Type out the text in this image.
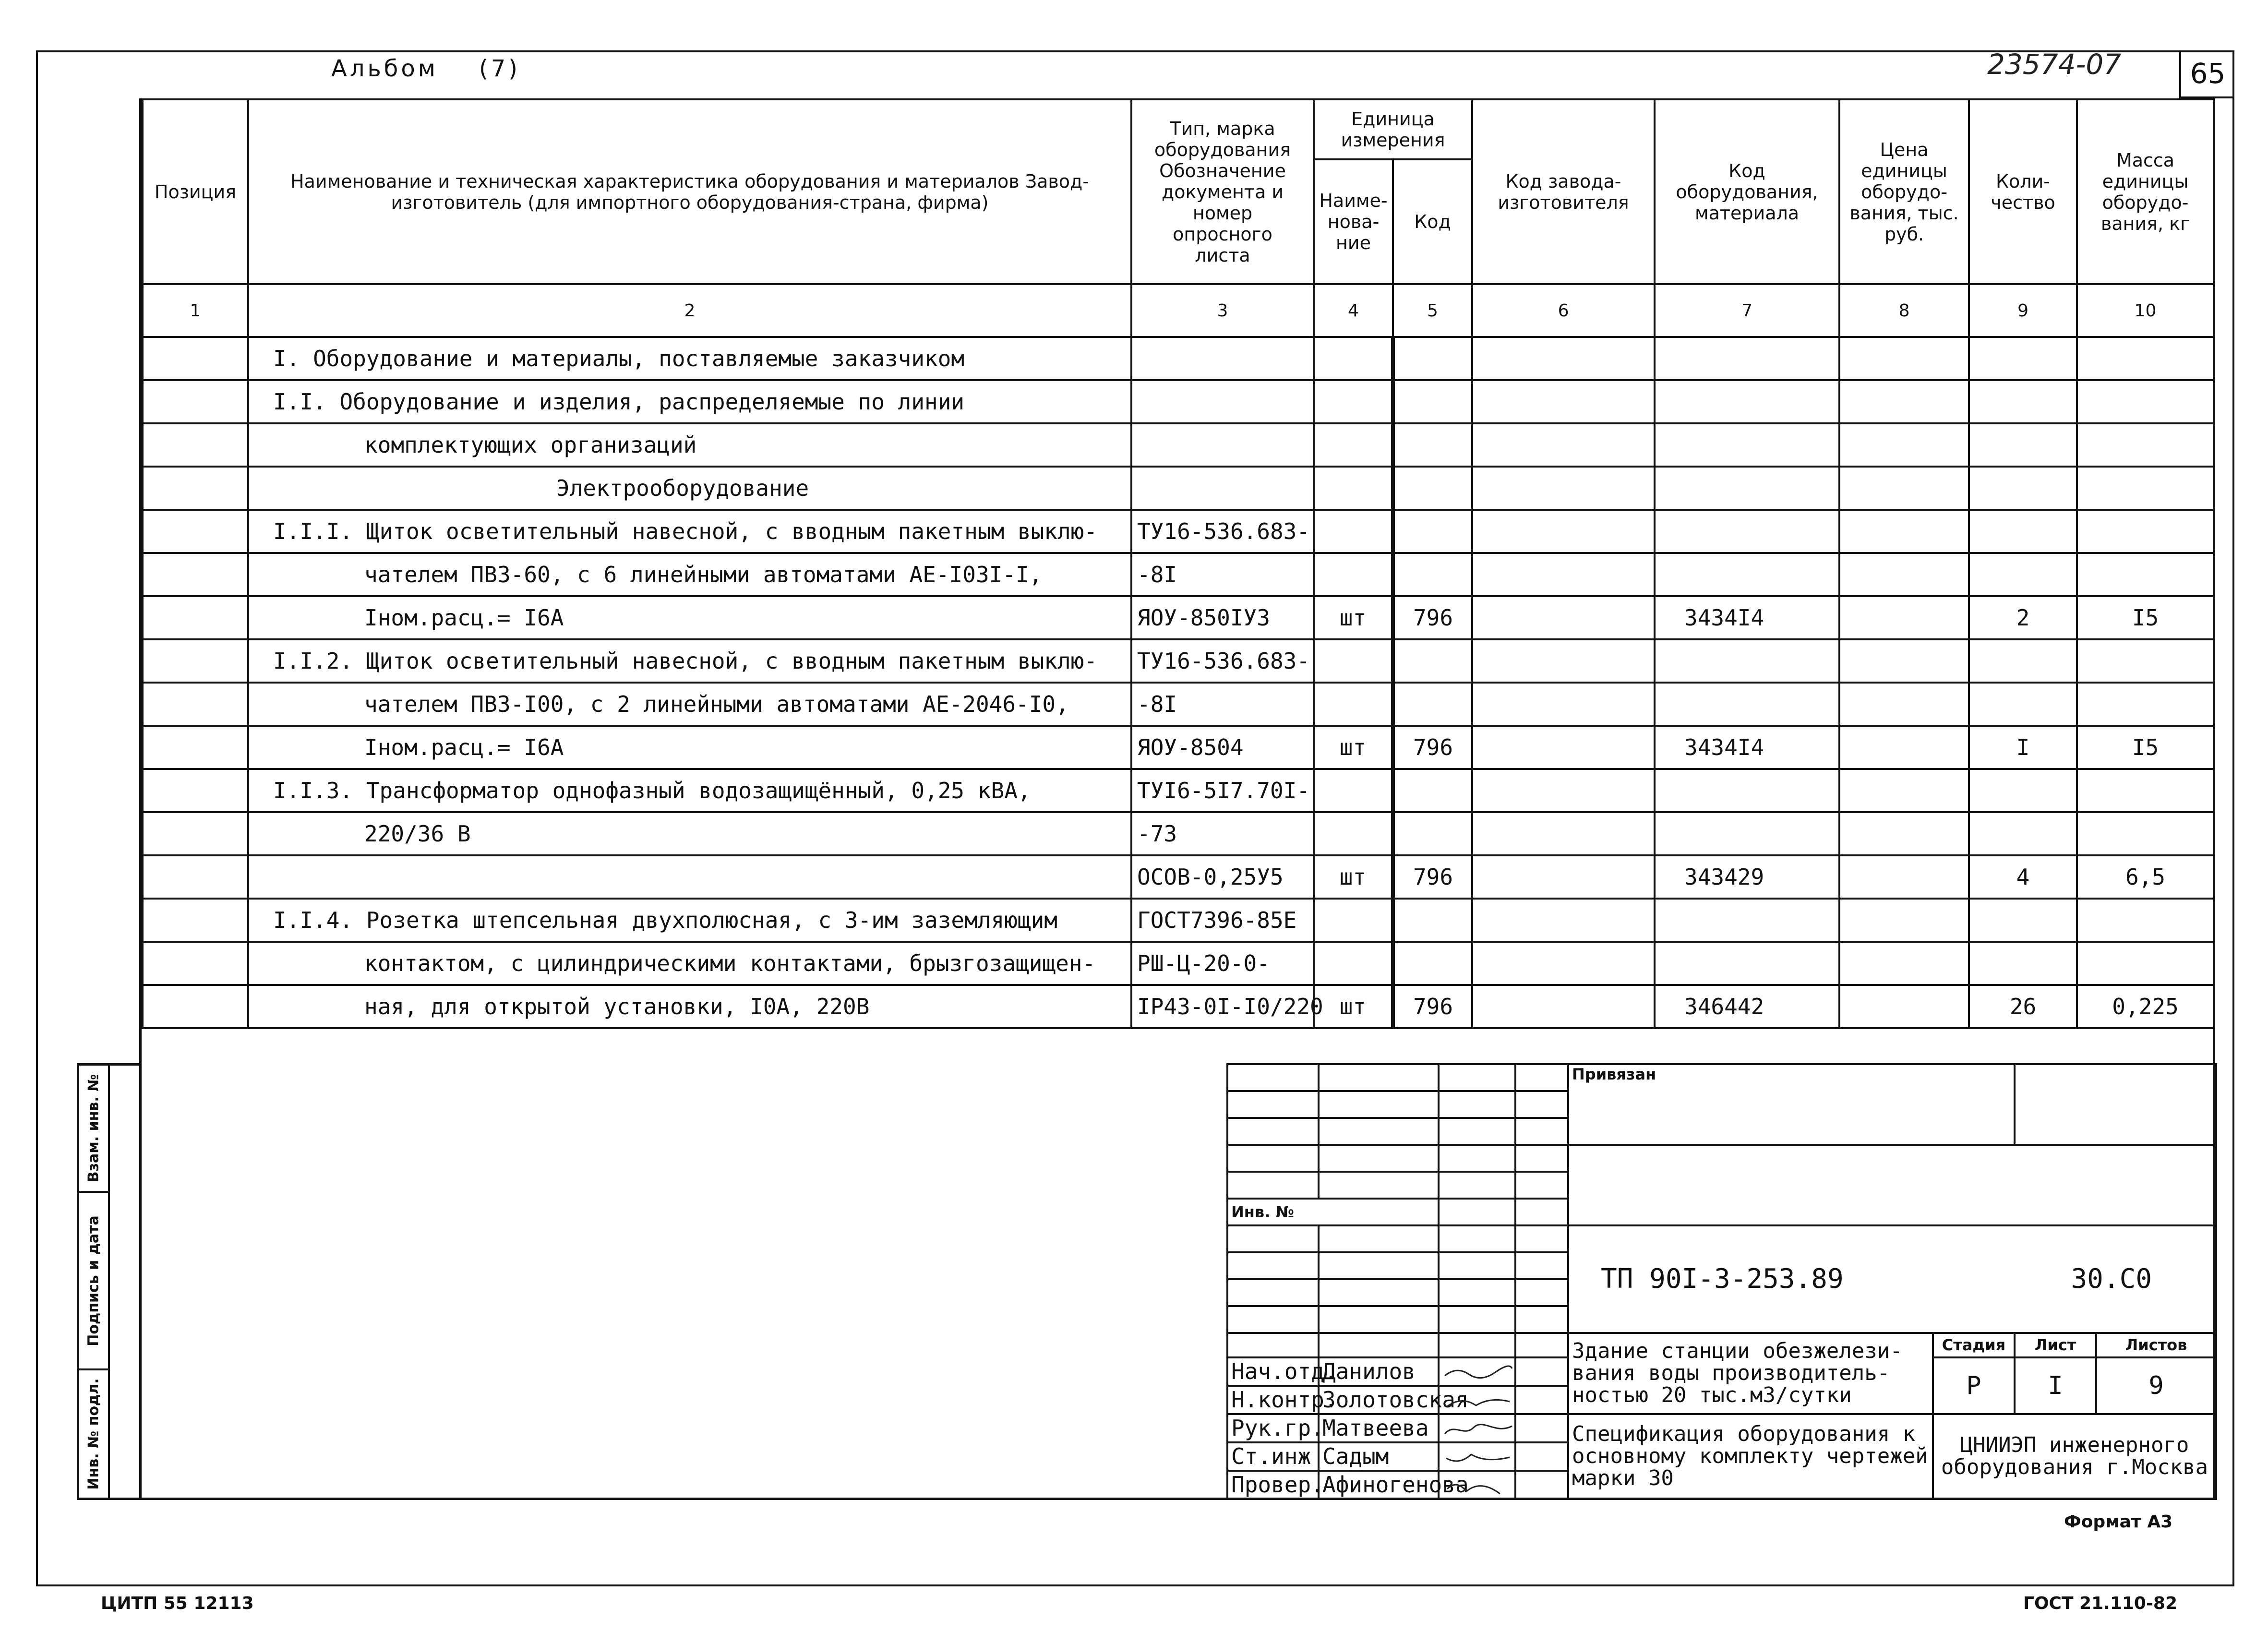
Альбом (7)	23574-07	65
Позиция	Наименование и техническая характеристика оборудования и материалов Завод-изготовитель (для импортного оборудования-страна, фирма)	Тип, марка оборудования Обозначение документа и номер опросного листа	Единица измерения		Код завода-изготовителя	Код оборудования, материала	Цена единицы оборудо-вания, тыс. руб.	Коли-чество	Масса единицы оборудо-вания, кг
			Наиме-нова-ние	Код					
1	2	3	4	5	6	7	8	9	10
	I. Оборудование и материалы, поставляемые заказчиком								
	I.I. Оборудование и изделия, распределяемые по линии								
	комплектующих организаций								
	Электрооборудование								
	I.I.I. Щиток осветительный навесной, с вводным пакетным выклю-	ТУ16-536.683-							
	чателем ПВЗ-60, с 6 линейными автоматами АЕ-I03I-I,	-8I							
	Iном.расц.= I6А	ЯОУ-850IУЗ	шт	796		3434I4		2	I5
	I.I.2. Щиток осветительный навесной, с вводным пакетным выклю-	ТУ16-536.683-							
	чателем ПВЗ-I00, с 2 линейными автоматами АЕ-2046-I0,	-8I							
	Iном.расц.= I6А	ЯОУ-8504	шт	796		3434I4		I	I5
	I.I.3. Трансформатор однофазный водозащищённый, 0,25 кВА,	ТУI6-5I7.70I-							
	220/36 В	-73							
		ОСОВ-0,25У5	шт	796		343429		4	6,5
	I.I.4. Розетка штепсельная двухполюсная, с 3-им заземляющим	ГОСТ7396-85Е							
	контактом, с цилиндрическими контактами, брызгозащищен-	РШ-Ц-20-0-							
	ная, для открытой установки, I0А, 220В	IР43-0I-I0/220	шт	796		346442		26	0,225
Взам. инв. №
Подпись и дата
Инв. № подл.
				Привязан			

Инв. №							
				ТП 90I-3-253.89 30.С0			

				Здание станции обезжелези-вания воды производитель-ностью 20 тыс.м3/сутки	Стадия	Лист	Листов
Нач.отд.	Данилов				Р	I	9
Н.контр.	Золотовская		
Рук.гр.	Матвеева			Спецификация оборудования к основному комплекту чертежей марки 30	ЦНИИЭП инженерного оборудования г.Москва		
Ст.инж	Садым		
Провер.	Афиногенова		
Формат А3
ЦИТП 55 12113	ГОСТ 21.110-82
